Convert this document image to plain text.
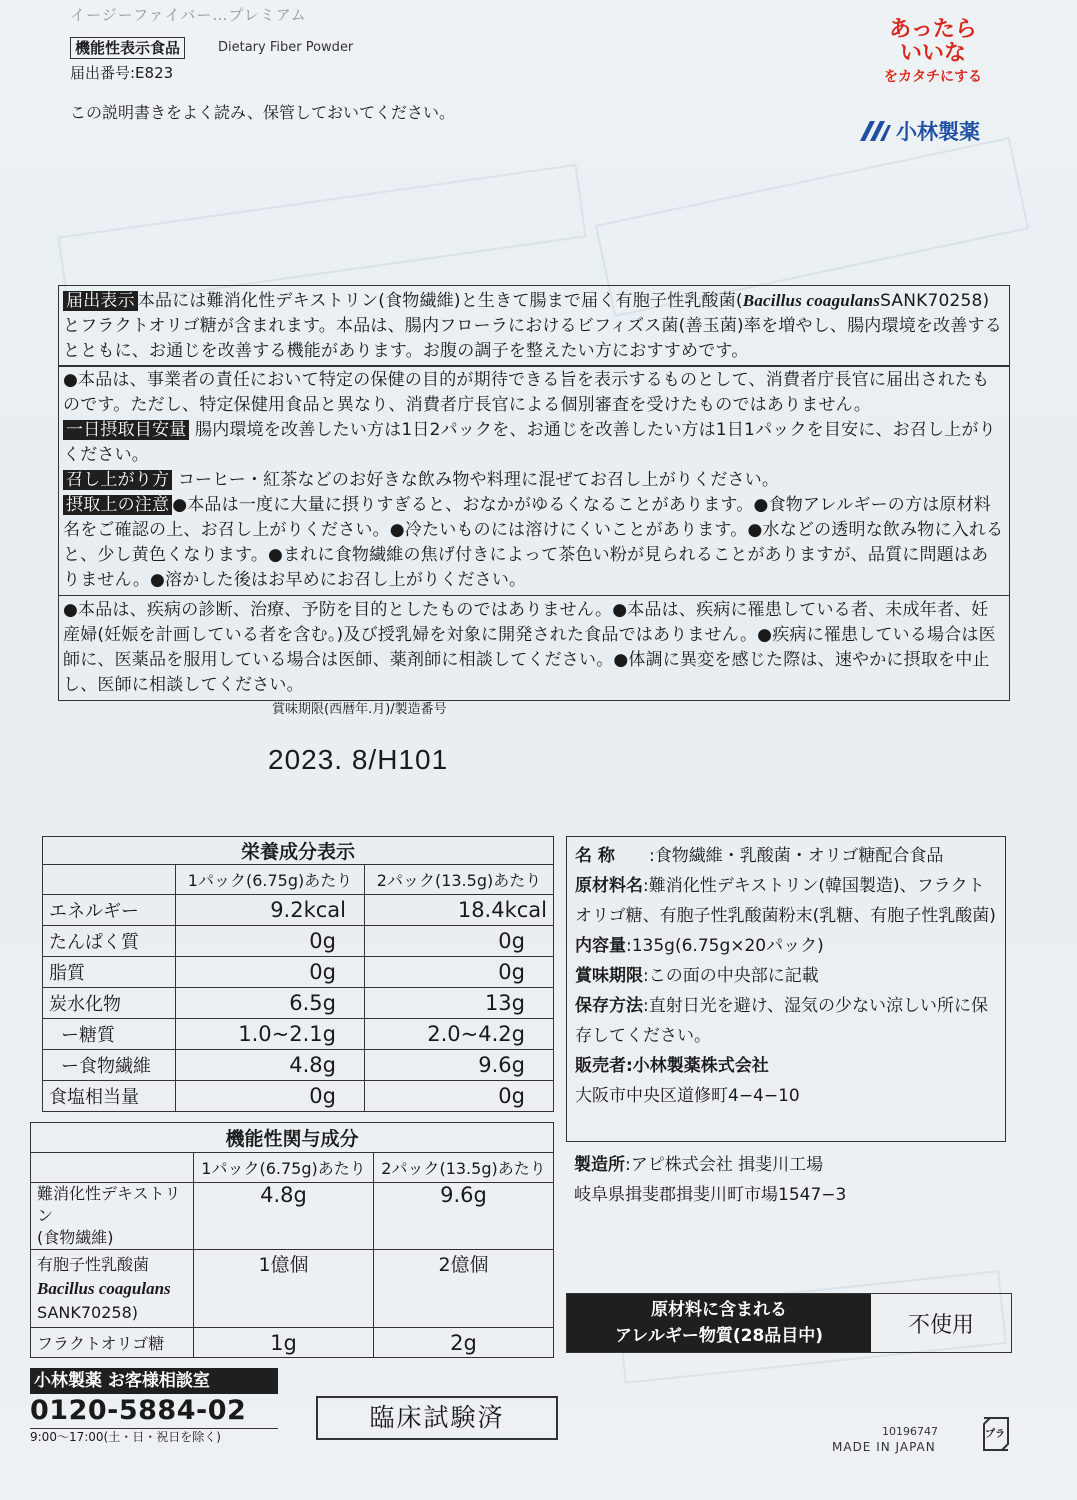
イージーファイバー…プレミアム
機能性表示食品	Dietary Fiber Powder
届出番号:E823
この説明書きをよく読み、保管しておいてください。
あったら
いいな
をカタチにする
小林製薬
届出表示 本品には難消化性デキストリン(食物繊維)と生きて腸まで届く有胞子性乳酸菌(Bacillus coagulansSANK70258)とフラクトオリゴ糖が含まれます。本品は、腸内フローラにおけるビフィズス菌(善玉菌)率を増やし、腸内環境を改善するとともに、お通じを改善する機能があります。お腹の調子を整えたい方におすすめです。
●本品は、事業者の責任において特定の保健の目的が期待できる旨を表示するものとして、消費者庁長官に届出されたものです。ただし、特定保健用食品と異なり、消費者庁長官による個別審査を受けたものではありません。
一日摂取目安量 腸内環境を改善したい方は1日2パックを、お通じを改善したい方は1日1パックを目安に、お召し上がりください。
召し上がり方 コーヒー・紅茶などのお好きな飲み物や料理に混ぜてお召し上がりください。
摂取上の注意 ●本品は一度に大量に摂りすぎると、おなかがゆるくなることがあります。●食物アレルギーの方は原材料名をご確認の上、お召し上がりください。●冷たいものには溶けにくいことがあります。●水などの透明な飲み物に入れると、少し黄色くなります。●まれに食物繊維の焦げ付きによって茶色い粉が見られることがありますが、品質に問題はありません。●溶かした後はお早めにお召し上がりください。
●本品は、疾病の診断、治療、予防を目的としたものではありません。●本品は、疾病に罹患している者、未成年者、妊産婦(妊娠を計画している者を含む。)及び授乳婦を対象に開発された食品ではありません。●疾病に罹患している場合は医師に、医薬品を服用している場合は医師、薬剤師に相談してください。●体調に異変を感じた際は、速やかに摂取を中止し、医師に相談してください。
賞味期限(西暦年.月)/製造番号
2023. 8/H101
栄養成分表示		
	1パック(6.75g)あたり	2パック(13.5g)あたり
エネルギー	9.2kcal	18.4kcal
たんぱく質	0g	0g
脂質	0g	0g
炭水化物	6.5g	13g
ー糖質	1.0~2.1g	2.0~4.2g
ー食物繊維	4.8g	9.6g
食塩相当量	0g	0g
機能性関与成分		
	1パック(6.75g)あたり	2パック(13.5g)あたり

難消化性デキストリン
(食物繊維)	4.8g	9.6g

有胞子性乳酸菌
Bacillus coagulans
SANK70258)	1億個	2億個
フラクトオリゴ糖	1g	2g
名 称 :食物繊維・乳酸菌・オリゴ糖配合食品
原材料名:難消化性デキストリン(韓国製造)、フラクトオリゴ糖、有胞子性乳酸菌粉末(乳糖、有胞子性乳酸菌)
内容量:135g(6.75g×20パック)
賞味期限:この面の中央部に記載
保存方法:直射日光を避け、湿気の少ない涼しい所に保存してください。
販売者:小林製薬株式会社
大阪市中央区道修町4−4−10
製造所:アピ株式会社 揖斐川工場
岐阜県揖斐郡揖斐川町市場1547−3
原材料に含まれる
アレルギー物質(28品目中)	不使用
小林製薬 お客様相談室
0120-5884-02
9:00〜17:00(土・日・祝日を除く)
臨床試験済	10196747
MADE IN JAPAN
プラ
